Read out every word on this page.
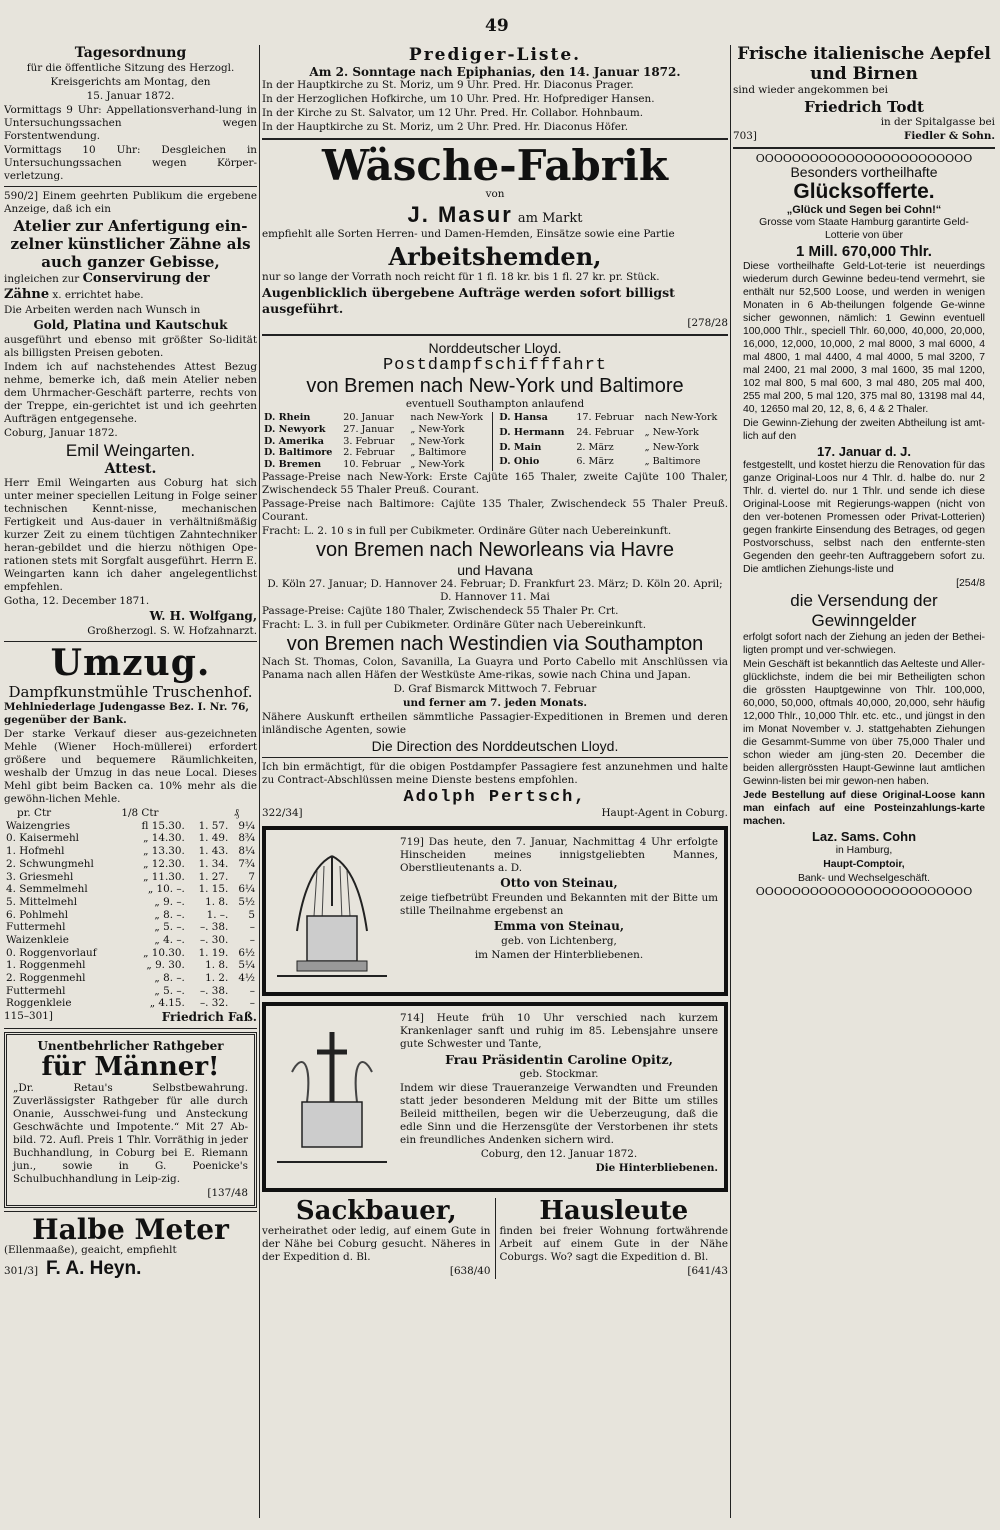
49
Tagesordnung
für die öffentliche Sitzung des Herzogl.
Kreisgerichts am Montag, den
15. Januar 1872.
Vormittags 9 Uhr: Appellationsverhand-lung in Untersuchungssachen wegen Forstentwendung.
Vormittags 10 Uhr: Desgleichen in Untersuchungssachen wegen Körper-verletzung.
590/2] Einem geehrten Publikum die ergebene Anzeige, daß ich ein
Atelier zur Anfertigung ein-zelner künstlicher Zähne als auch ganzer Gebisse,
ingleichen zur Conservirung der Zähne x. errichtet habe.
Die Arbeiten werden nach Wunsch in
Gold, Platina und Kautschuk
ausgeführt und ebenso mit größter So-lidität als billigsten Preisen geboten.
Indem ich auf nachstehendes Attest Bezug nehme, bemerke ich, daß mein Atelier neben dem Uhrmacher-Geschäft parterre, rechts von der Treppe, ein-gerichtet ist und ich geehrten Aufträgen entgegensehe.
Coburg, Januar 1872.
Emil Weingarten.
Attest.
Herr Emil Weingarten aus Coburg hat sich unter meiner speciellen Leitung in Folge seiner technischen Kennt-nisse, mechanischen Fertigkeit und Aus-dauer in verhältnißmäßig kurzer Zeit zu einem tüchtigen Zahntechniker heran-gebildet und die hierzu nöthigen Ope-rationen stets mit Sorgfalt ausgeführt. Herrn E. Weingarten kann ich daher angelegentlichst empfehlen.
Gotha, 12. December 1871.
W. H. Wolfgang,
Großherzogl. S. W. Hofzahnarzt.
Umzug.
Dampfkunstmühle Truschenhof.
Mehlniederlage Judengasse Bez. I. Nr. 76, gegenüber der Bank.
Der starke Verkauf dieser aus-gezeichneten Mehle (Wiener Hoch-müllerei) erfordert größere und bequemere Räumlichkeiten, weshalb der Umzug in das neue Local. Dieses Mehl gibt beim Backen ca. 10% mehr als die gewöhn-lichen Mehle.
	pr. Ctr	1/8 Ctr	₰
Waizengries	fl 15.30.	1. 57.	9¼
0. Kaisermehl	„ 14.30.	1. 49.	8¾
1. Hofmehl	„ 13.30.	1. 43.	8¼
2. Schwungmehl	„ 12.30.	1. 34.	7¾
3. Griesmehl	„ 11.30.	1. 27.	7
4. Semmelmehl	„ 10. –.	1. 15.	6¼
5. Mittelmehl	„ 9. –.	1. 8.	5½
6. Pohlmehl	„ 8. –.	1. –.	5
Futtermehl	„ 5. –.	–. 38.	–
Waizenkleie	„ 4. –.	–. 30.	–
0. Roggenvorlauf	„ 10.30.	1. 19.	6½
1. Roggenmehl	„ 9. 30.	1. 8.	5¼
2. Roggenmehl	„ 8. –.	1. 2.	4½
Futtermehl	„ 5. –.	–. 38.	–
Roggenkleie	„ 4.15.	–. 32.	–
115–301]	Friedrich Faß.
Unentbehrlicher Rathgeber
für Männer!
„Dr. Retau's Selbstbewahrung. Zuverlässigster Rathgeber für alle durch Onanie, Ausschwei-fung und Ansteckung Geschwächte und Impotente.“ Mit 27 Ab-bild. 72. Aufl. Preis 1 Thlr. Vorräthig in jeder Buchhandlung, in Coburg bei E. Riemann jun., sowie in G. Poenicke's Schulbuchhandlung in Leip-zig.
[137/48
Halbe Meter
(Ellenmaaße), geaicht, empfiehlt
301/3] F. A. Heyn.
Prediger-Liste.
Am 2. Sonntage nach Epiphanias, den 14. Januar 1872.
In der Hauptkirche zu St. Moriz, um 9 Uhr. Pred. Hr. Diaconus Prager.
In der Herzoglichen Hofkirche, um 10 Uhr. Pred. Hr. Hofprediger Hansen.
In der Kirche zu St. Salvator, um 12 Uhr. Pred. Hr. Collabor. Hohnbaum.
In der Hauptkirche zu St. Moriz, um 2 Uhr. Pred. Hr. Diaconus Höfer.
Wäsche-Fabrik
von
J. Masur am Markt
empfiehlt alle Sorten Herren- und Damen-Hemden, Einsätze sowie eine Partie
Arbeitshemden,
nur so lange der Vorrath noch reicht für 1 fl. 18 kr. bis 1 fl. 27 kr. pr. Stück.
Augenblicklich übergebene Aufträge werden sofort billigst ausgeführt.
[278/28
Norddeutscher Lloyd.
Postdampfschifffahrt
von Bremen nach New-York und Baltimore
eventuell Southampton anlaufend
D. Rhein	20. Januar	nach New-York
D. Newyork	27. Januar	„ New-York
D. Amerika	3. Februar	„ New-York
D. Baltimore	2. Februar	„ Baltimore
D. Bremen	10. Februar	„ New-York
D. Hansa	17. Februar	nach New-York
D. Hermann	24. Februar	„ New-York
D. Main	2. März	„ New-York
D. Ohio	6. März	„ Baltimore
Passage-Preise nach New-York: Erste Cajüte 165 Thaler, zweite Cajüte 100 Thaler, Zwischendeck 55 Thaler Preuß. Courant.
Passage-Preise nach Baltimore: Cajüte 135 Thaler, Zwischendeck 55 Thaler Preuß. Courant.
Fracht: L. 2. 10 s in full per Cubikmeter. Ordinäre Güter nach Uebereinkunft.
von Bremen nach Neworleans via Havre
und Havana
D. Köln 27. Januar; D. Hannover 24. Februar; D. Frankfurt 23. März; D. Köln 20. April; D. Hannover 11. Mai
Passage-Preise: Cajüte 180 Thaler, Zwischendeck 55 Thaler Pr. Crt.
Fracht: L. 3. in full per Cubikmeter. Ordinäre Güter nach Uebereinkunft.
von Bremen nach Westindien via Southampton
Nach St. Thomas, Colon, Savanilla, La Guayra und Porto Cabello mit Anschlüssen via Panama nach allen Häfen der Westküste Ame-rikas, sowie nach China und Japan.
D. Graf Bismarck Mittwoch 7. Februar
und ferner am 7. jeden Monats.
Nähere Auskunft ertheilen sämmtliche Passagier-Expeditionen in Bremen und deren inländische Agenten, sowie
Die Direction des Norddeutschen Lloyd.
Ich bin ermächtigt, für die obigen Postdampfer Passagiere fest anzunehmen und halte zu Contract-Abschlüssen meine Dienste bestens empfohlen.
Adolph Pertsch,
322/34]	Haupt-Agent in Coburg.
719] Das heute, den 7. Januar, Nachmittag 4 Uhr erfolgte Hinscheiden meines innigstgeliebten Mannes, Oberstlieutenants a. D.
Otto von Steinau,
zeige tiefbetrübt Freunden und Bekannten mit der Bitte um stille Theilnahme ergebenst an
Emma von Steinau,
geb. von Lichtenberg,
im Namen der Hinterbliebenen.
714] Heute früh 10 Uhr verschied nach kurzem Krankenlager sanft und ruhig im 85. Lebensjahre unsere gute Schwester und Tante,
Frau Präsidentin Caroline Opitz,
geb. Stockmar.
Indem wir diese Traueranzeige Verwandten und Freunden statt jeder besonderen Meldung mit der Bitte um stilles Beileid mittheilen, begen wir die Ueberzeugung, daß die edle Sinn und die Herzensgüte der Verstorbenen ihr stets ein freundliches Andenken sichern wird.
Coburg, den 12. Januar 1872.
Die Hinterbliebenen.
Sackbauer,
verheirathet oder ledig, auf einem Gute in der Nähe bei Coburg gesucht. Näheres in der Expedition d. Bl.
[638/40
Hausleute
finden bei freier Wohnung fortwährende Arbeit auf einem Gute in der Nähe Coburgs. Wo? sagt die Expedition d. Bl.
[641/43
Frische italienische Aepfel und Birnen
sind wieder angekommen bei
Friedrich Todt
in der Spitalgasse bei
703]	Fiedler & Sohn.
OOOOOOOOOOOOOOOOOOOOOOOO
Besonders vortheilhafte
Glücksofferte.
„Glück und Segen bei Cohn!“
Grosse vom Staate Hamburg garantirte Geld-Lotterie von über
1 Mill. 670,000 Thlr.
Diese vortheilhafte Geld-Lot-terie ist neuerdings wiederum durch Gewinne bedeu-tend vermehrt, sie enthält nur 52,500 Loose, und werden in wenigen Monaten in 6 Ab-theilungen folgende Ge-winne sicher gewonnen, nämlich: 1 Gewinn eventuell 100,000 Thlr., speciell Thlr. 60,000, 40,000, 20,000, 16,000, 12,000, 10,000, 2 mal 8000, 3 mal 6000, 4 mal 4800, 1 mal 4400, 4 mal 4000, 5 mal 3200, 7 mal 2400, 21 mal 2000, 3 mal 1600, 35 mal 1200, 102 mal 800, 5 mal 600, 3 mal 480, 205 mal 400, 255 mal 200, 5 mal 120, 375 mal 80, 13198 mal 44, 40, 12650 mal 20, 12, 8, 6, 4 & 2 Thaler.
Die Gewinn-Ziehung der zweiten Abtheilung ist amt-lich auf den
17. Januar d. J.
festgestellt, und kostet hierzu die Renovation für das ganze Original-Loos nur 4 Thlr. d. halbe do. nur 2 Thlr. d. viertel do. nur 1 Thlr. und sende ich diese Original-Loose mit Regierungs-wappen (nicht von den ver-botenen Promessen oder Privat-Lotterien) gegen frankirte Einsendung des Betrages, od gegen Postvorschuss, selbst nach den entfernte-sten Gegenden den geehr-ten Auftraggebern sofort zu. Die amtlichen Ziehungs-liste und
[254/8
die Versendung der Gewinngelder
erfolgt sofort nach der Ziehung an jeden der Bethei-ligten prompt und ver-schwiegen.
Mein Geschäft ist bekanntlich das Aelteste und Aller-glücklichste, indem die bei mir Betheiligten schon die grössten Hauptgewinne von Thlr. 100,000, 60,000, 50,000, oftmals 40,000, 20,000, sehr häufig 12,000 Thlr., 10,000 Thlr. etc. etc., und jüngst in den im Monat November v. J. stattgehabten Ziehungen die Gesammt-Summe von über 75,000 Thaler und schon wieder am jüng-sten 20. December die beiden allergrössten Haupt-Gewinne laut amtlichen Gewinn-listen bei mir gewon-nen haben.
Jede Bestellung auf diese Original-Loose kann man einfach auf eine Posteinzahlungs-karte machen.
Laz. Sams. Cohn
in Hamburg,
Haupt-Comptoir,
Bank- und Wechselgeschäft.
OOOOOOOOOOOOOOOOOOOOOOOO
